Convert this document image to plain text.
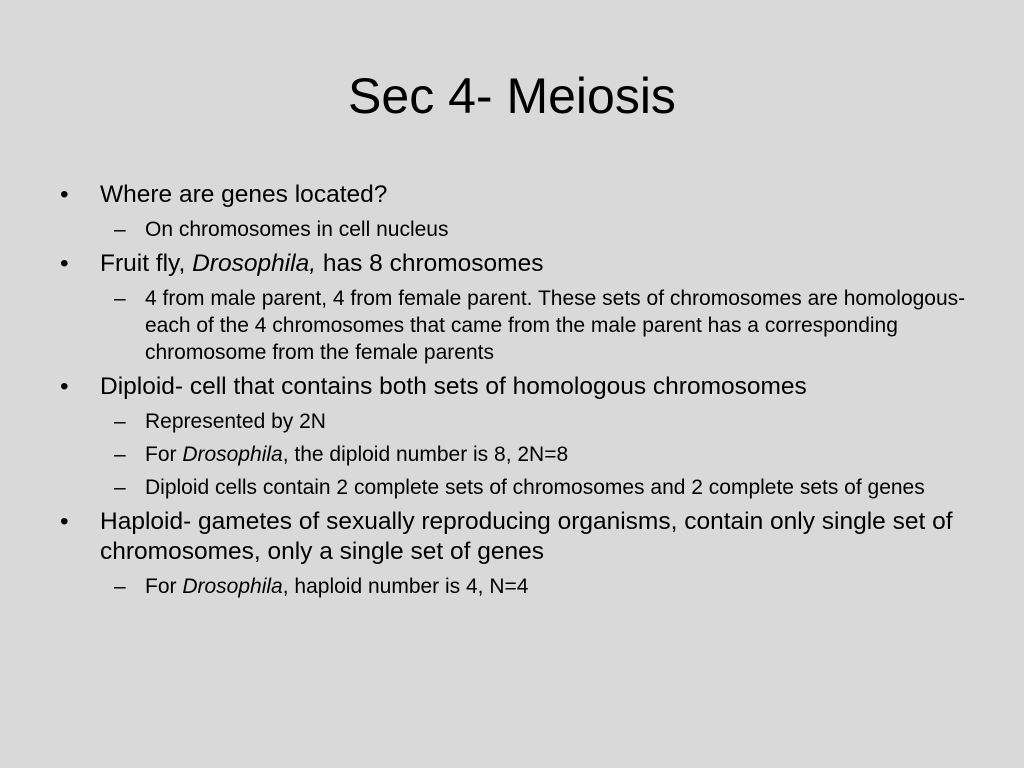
Sec 4- Meiosis
• Where are genes located?
– On chromosomes in cell nucleus
• Fruit fly, Drosophila, has 8 chromosomes
– 4 from male parent, 4 from female parent. These sets of chromosomes are homologous- each of the 4 chromosomes that came from the male parent has a corresponding chromosome from the female parents
• Diploid- cell that contains both sets of homologous chromosomes
– Represented by 2N
– For Drosophila, the diploid number is 8, 2N=8
– Diploid cells contain 2 complete sets of chromosomes and 2 complete sets of genes
• Haploid- gametes of sexually reproducing organisms, contain only single set of chromosomes, only a single set of genes
– For Drosophila, haploid number is 4, N=4
